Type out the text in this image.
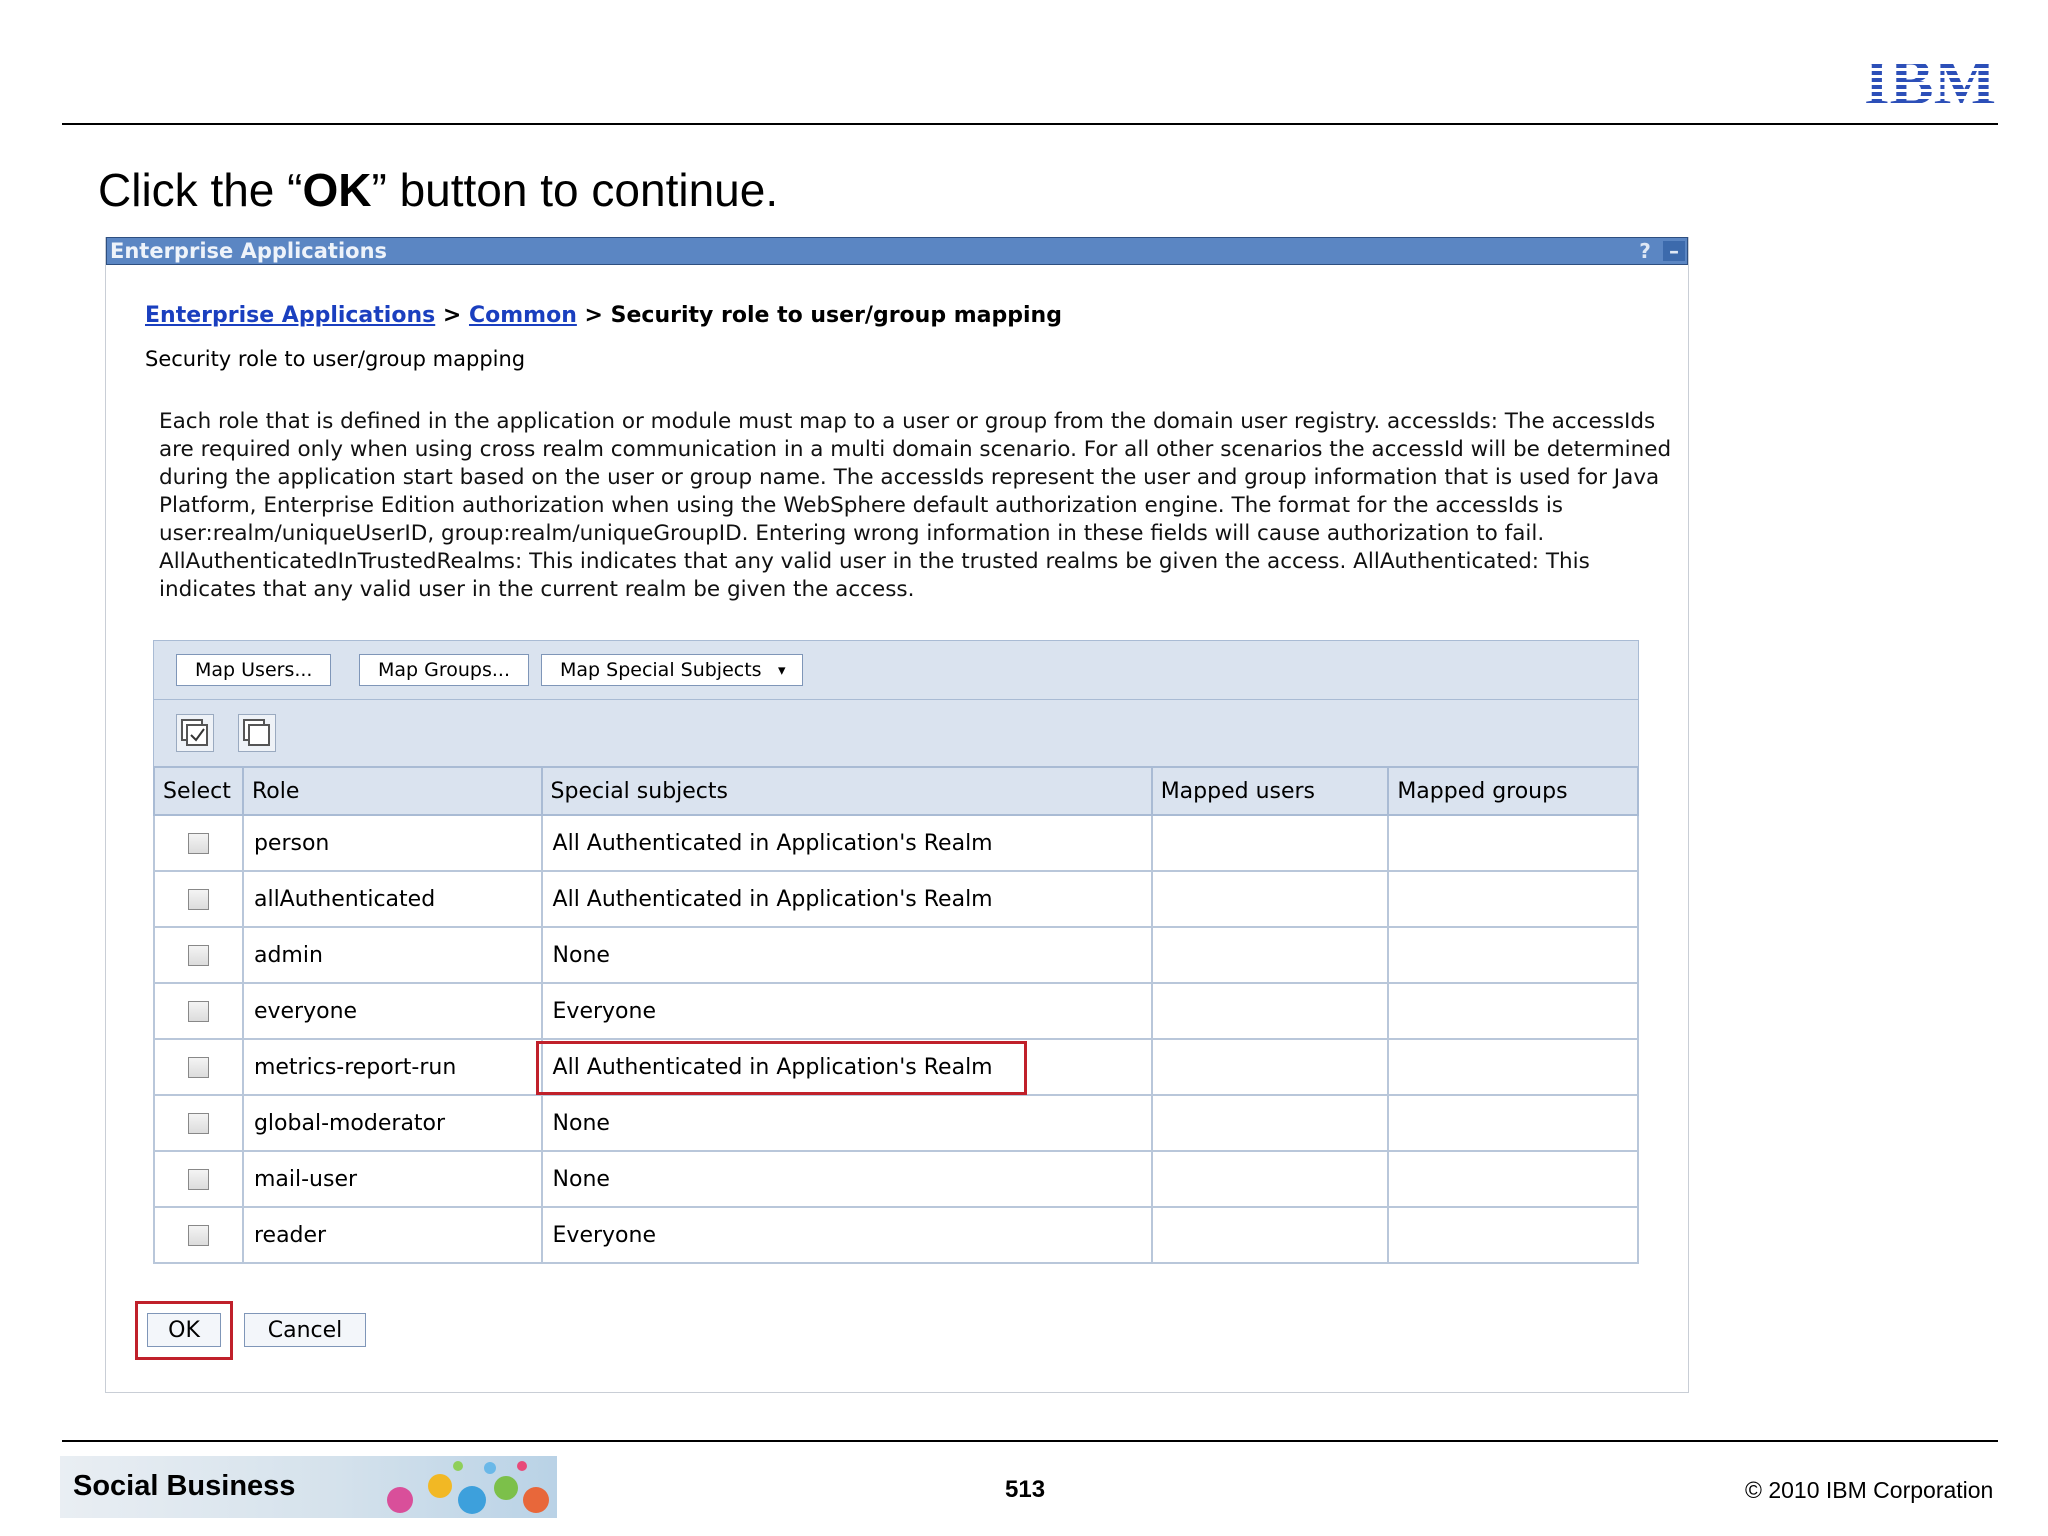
IBM
Click the “OK” button to continue.
Enterprise Applications	? –
Enterprise Applications > Common > Security role to user/group mapping
Security role to user/group mapping

Each role that is defined in the application or module must map to a user or group from the domain user registry. accessIds: The accessIds are required only when using cross realm communication in a multi domain scenario. For all other scenarios the accessId will be determined during the application start based on the user or group name. The accessIds represent the user and group information that is used for Java Platform, Enterprise Edition authorization when using the WebSphere default authorization engine. The format for the accessIds is user:realm/uniqueUserID, group:realm/uniqueGroupID. Entering wrong information in these fields will cause authorization to fail. AllAuthenticatedInTrustedRealms: This indicates that any valid user in the trusted realms be given the access. AllAuthenticated: This indicates that any valid user in the current realm be given the access.

Map Users...	Map Groups...	Map Special Subjects ▾
Select	Role	Special subjects	Mapped users	Mapped groups
	person	All Authenticated in Application's Realm		
	allAuthenticated	All Authenticated in Application's Realm		
	admin	None		
	everyone	Everyone		
	metrics-report-run	All Authenticated in Application's Realm		
	global-moderator	None		
	mail-user	None		
	reader	Everyone		
OK	Cancel
Social Business	513	© 2010 IBM Corporation
